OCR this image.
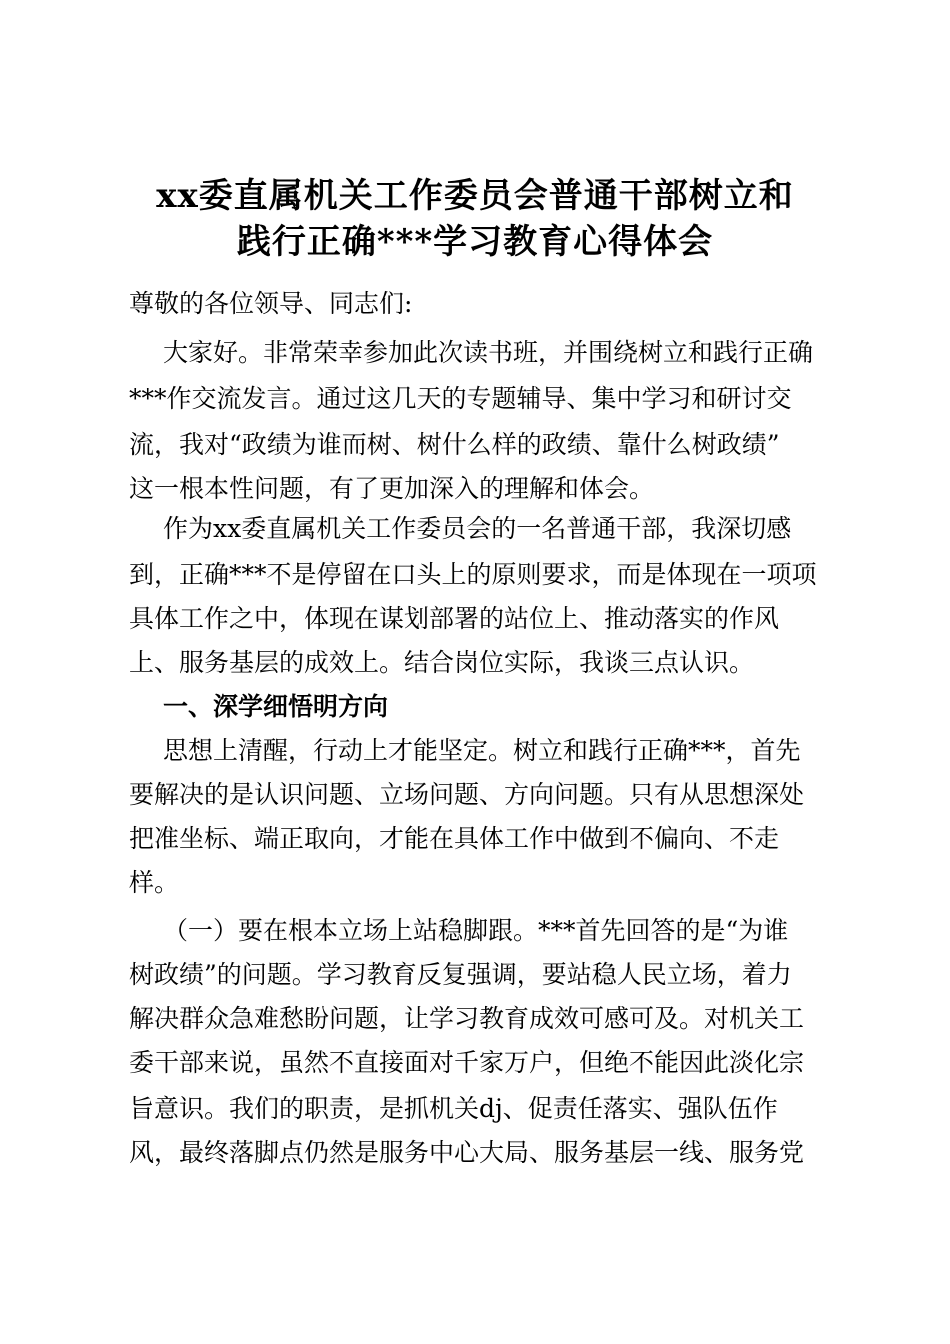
xx委直属机关工作委员会普通干部树立和
践行正确***学习教育心得体会
尊敬的各位领导、同志们:
大家好。非常荣幸参加此次读书班，并围绕树立和践行正确
***作交流发言。通过这几天的专题辅导、集中学习和研讨交
流，我对“政绩为谁而树、树什么样的政绩、靠什么树政绩”
这一根本性问题，有了更加深入的理解和体会。
作为xx委直属机关工作委员会的一名普通干部，我深切感
到，正确***不是停留在口头上的原则要求，而是体现在一项项
具体工作之中，体现在谋划部署的站位上、推动落实的作风
上、服务基层的成效上。结合岗位实际，我谈三点认识。
一、深学细悟明方向
思想上清醒，行动上才能坚定。树立和践行正确***，首先
要解决的是认识问题、立场问题、方向问题。只有从思想深处
把准坐标、端正取向，才能在具体工作中做到不偏向、不走
样。
（一）要在根本立场上站稳脚跟。***首先回答的是“为谁
树政绩”的问题。学习教育反复强调，要站稳人民立场，着力
解决群众急难愁盼问题，让学习教育成效可感可及。对机关工
委干部来说，虽然不直接面对千家万户，但绝不能因此淡化宗
旨意识。我们的职责，是抓机关dj、促责任落实、强队伍作
风，最终落脚点仍然是服务中心大局、服务基层一线、服务党
